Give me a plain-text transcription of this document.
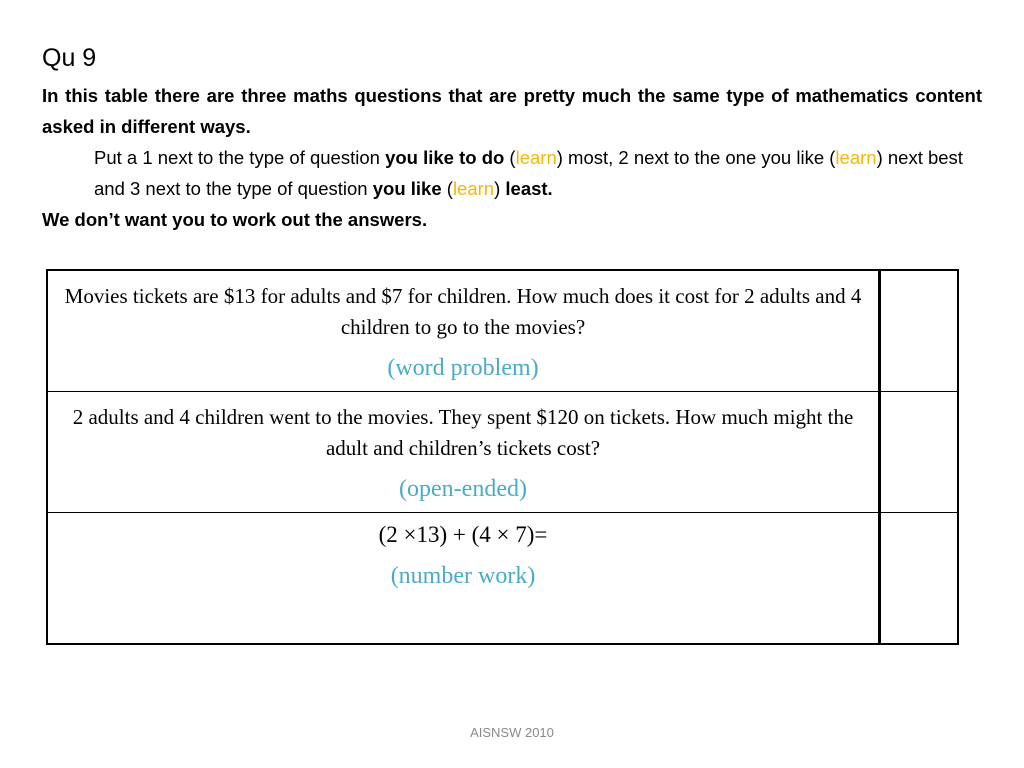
Qu 9
In this table there are three maths questions that are pretty much the same type of mathematics content asked in different ways.
Put a 1 next to the type of question you like to do (learn) most, 2 next to the one you like (learn) next best and 3 next to the type of question you like (learn) least.
We don’t want you to work out the answers.
Movies tickets are $13 for adults and $7 for children. How much does it cost for 2 adults and 4 children to go to the movies?
(word problem)	

2 adults and 4 children went to the movies. They spent $120 on tickets. How much might the adult and children’s tickets cost?
(open-ended)	

(2 ×13) + (4 × 7)=
(number work)	

AISNSW 2010
